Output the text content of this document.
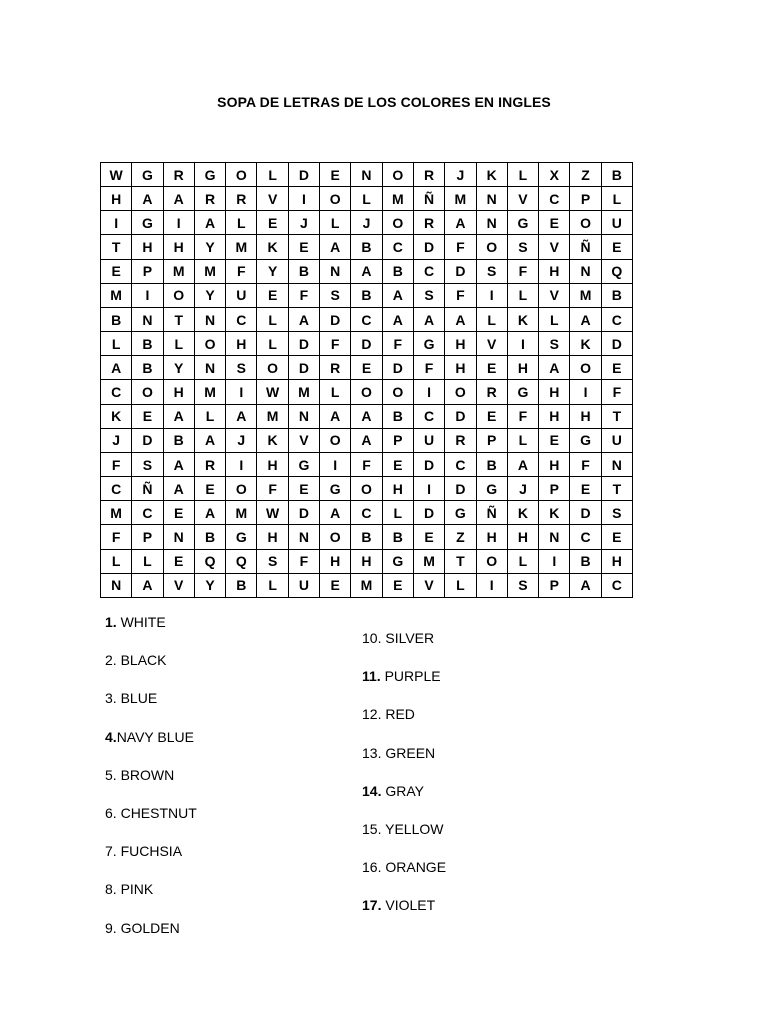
SOPA DE LETRAS DE LOS COLORES EN INGLES
W	G	R	G	O	L	D	E	N	O	R	J	K	L	X	Z	B
H	A	A	R	R	V	I	O	L	M	Ñ	M	N	V	C	P	L
I	G	I	A	L	E	J	L	J	O	R	A	N	G	E	O	U
T	H	H	Y	M	K	E	A	B	C	D	F	O	S	V	Ñ	E
E	P	M	M	F	Y	B	N	A	B	C	D	S	F	H	N	Q
M	I	O	Y	U	E	F	S	B	A	S	F	I	L	V	M	B
B	N	T	N	C	L	A	D	C	A	A	A	L	K	L	A	C
L	B	L	O	H	L	D	F	D	F	G	H	V	I	S	K	D
A	B	Y	N	S	O	D	R	E	D	F	H	E	H	A	O	E
C	O	H	M	I	W	M	L	O	O	I	O	R	G	H	I	F
K	E	A	L	A	M	N	A	A	B	C	D	E	F	H	H	T
J	D	B	A	J	K	V	O	A	P	U	R	P	L	E	G	U
F	S	A	R	I	H	G	I	F	E	D	C	B	A	H	F	N
C	Ñ	A	E	O	F	E	G	O	H	I	D	G	J	P	E	T
M	C	E	A	M	W	D	A	C	L	D	G	Ñ	K	K	D	S
F	P	N	B	G	H	N	O	B	B	E	Z	H	H	N	C	E
L	L	E	Q	Q	S	F	H	H	G	M	T	O	L	I	B	H
N	A	V	Y	B	L	U	E	M	E	V	L	I	S	P	A	C
1. WHITE
2. BLACK
3. BLUE
4.NAVY BLUE
5. BROWN
6. CHESTNUT
7. FUCHSIA
8. PINK
9. GOLDEN
10. SILVER
11. PURPLE
12. RED
13. GREEN
14. GRAY
15. YELLOW
16. ORANGE
17. VIOLET
